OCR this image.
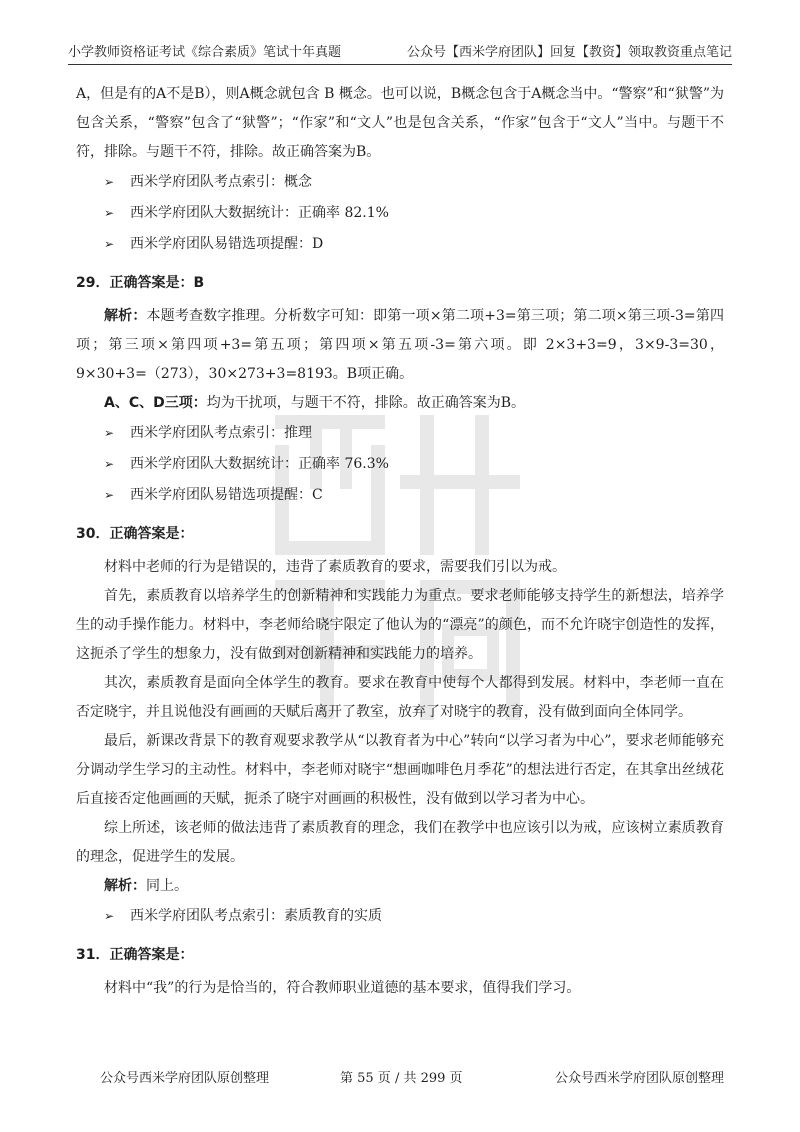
小学教师资格证考试《综合素质》笔试十年真题	公众号【西米学府团队】回复【教资】领取教资重点笔记

A，但是有的A不是B），则A概念就包含 B 概念。也可以说，B概念包含于A概念当中。“警察”和“狱警”为包含关系，“警察”包含了“狱警”；“作家”和“文人”也是包含关系，“作家”包含于“文人”当中。与题干不符，排除。与题干不符，排除。故正确答案为B。

➢ 西米学府团队考点索引：概念

➢ 西米学府团队大数据统计：正确率 82.1%

➢ 西米学府团队易错选项提醒：D

29．正确答案是：B

解析：本题考查数字推理。分析数字可知：即第一项×第二项+3=第三项；第二项×第三项-3=第四项；第三项×第四项+3=第五项；第四项×第五项-3=第六项。即 2×3+3=9，3×9-3=30，9×30+3=（273），30×273+3=8193。B项正确。

A、C、D三项：均为干扰项，与题干不符，排除。故正确答案为B。

➢ 西米学府团队考点索引：推理

➢ 西米学府团队大数据统计：正确率 76.3%

➢ 西米学府团队易错选项提醒：C

30．正确答案是：

材料中老师的行为是错误的，违背了素质教育的要求，需要我们引以为戒。

首先，素质教育以培养学生的创新精神和实践能力为重点。要求老师能够支持学生的新想法，培养学生的动手操作能力。材料中，李老师给晓宇限定了他认为的“漂亮”的颜色，而不允许晓宇创造性的发挥，这扼杀了学生的想象力，没有做到对创新精神和实践能力的培养。

其次，素质教育是面向全体学生的教育。要求在教育中使每个人都得到发展。材料中，李老师一直在否定晓宇，并且说他没有画画的天赋后离开了教室，放弃了对晓宇的教育，没有做到面向全体同学。

最后，新课改背景下的教育观要求教学从“以教育者为中心”转向“以学习者为中心”，要求老师能够充分调动学生学习的主动性。材料中，李老师对晓宇“想画咖啡色月季花”的想法进行否定，在其拿出丝绒花后直接否定他画画的天赋，扼杀了晓宇对画画的积极性，没有做到以学习者为中心。

综上所述，该老师的做法违背了素质教育的理念，我们在教学中也应该引以为戒，应该树立素质教育的理念，促进学生的发展。

解析：同上。

➢ 西米学府团队考点索引：素质教育的实质

31．正确答案是：

材料中“我”的行为是恰当的，符合教师职业道德的基本要求，值得我们学习。

公众号西米学府团队原创整理	第 55 页 / 共 299 页	公众号西米学府团队原创整理
